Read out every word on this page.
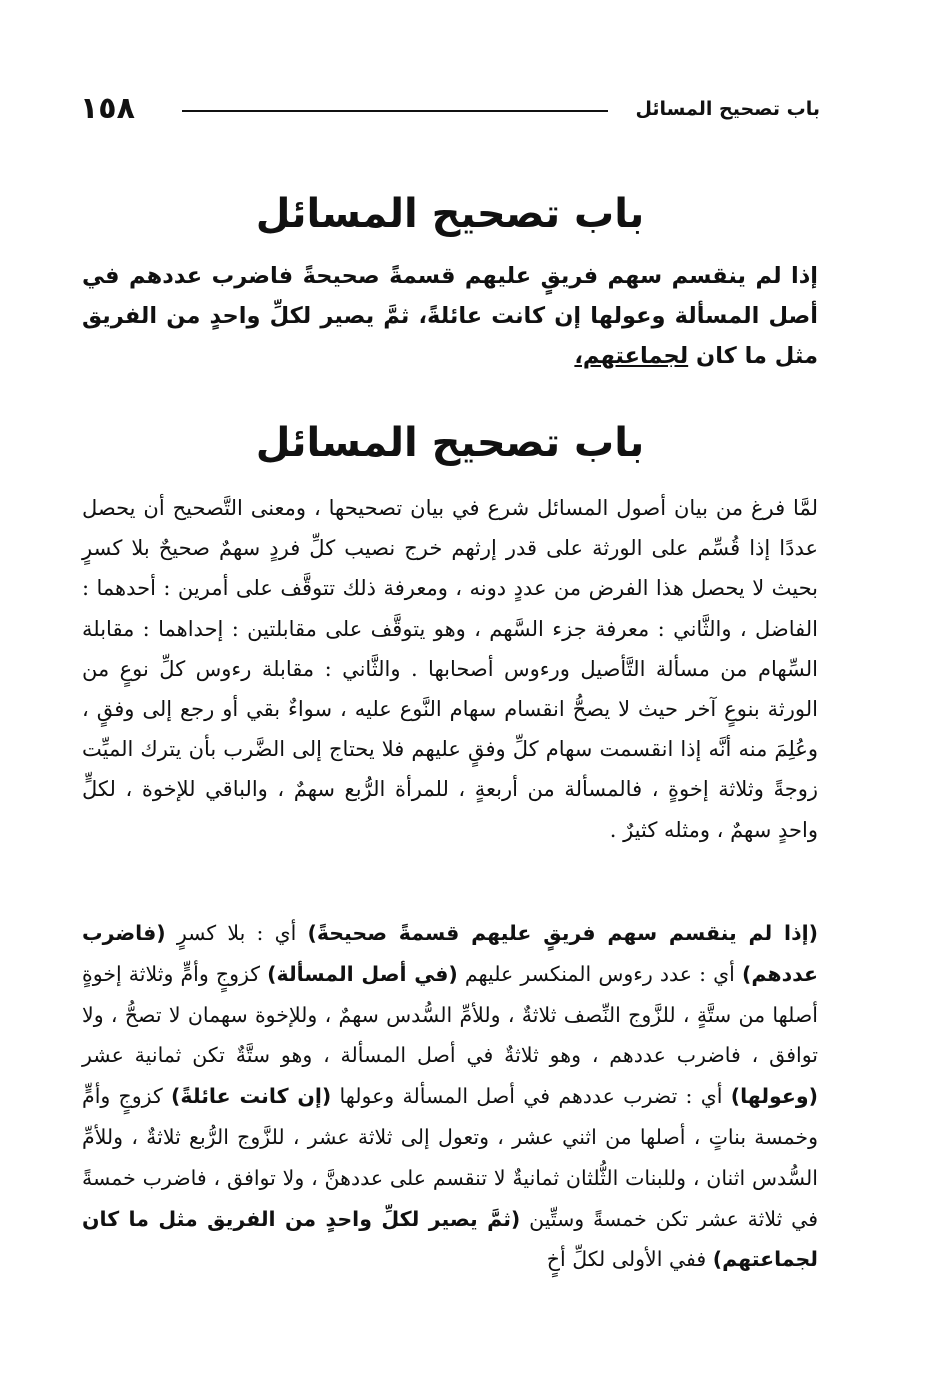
١٥٨	باب تصحيح المسائل
باب تصحيح المسائل
إذا لم ينقسم سهم فريقٍ عليهم قسمةً صحيحةً فاضرب عددهم في أصل المسألة وعولها إن كانت عائلةً، ثمَّ يصير لكلِّ واحدٍ من الفريق مثل ما كان لجماعتهم،
باب تصحيح المسائل

لمَّا فرغ من بيان أصول المسائل شرع في بيان تصحيحها ، ومعنى التَّصحيح أن يحصل عددًا إذا قُسِّم على الورثة على قدر إرثهم خرج نصيب كلِّ فردٍ سهمٌ صحيحٌ بلا كسرٍ بحيث لا يحصل هذا الفرض من عددٍ دونه ، ومعرفة ذلك تتوقَّف على أمرين : أحدهما : الفاضل ، والثَّاني : معرفة جزء السَّهم ، وهو يتوقَّف على مقابلتين : إحداهما : مقابلة السِّهام من مسألة التَّأصيل ورءوس أصحابها . والثَّاني : مقابلة رءوس كلِّ نوعٍ من الورثة بنوعٍ آخر حيث لا يصحُّ انقسام سهام النَّوع عليه ، سواءٌ بقي أو رجع إلى وفقٍ ، وعُلِمَ منه أنَّه إذا انقسمت سهام كلِّ وفقٍ عليهم فلا يحتاج إلى الضَّرب بأن يترك الميِّت زوجةً وثلاثة إخوةٍ ، فالمسألة من أربعةٍ ، للمرأة الرُّبع سهمٌ ، والباقي للإخوة ، لكلٍّ واحدٍ سهمٌ ، ومثله كثيرٌ .

(إذا لم ينقسم سهم فريقٍ عليهم قسمةً صحيحةً) أي : بلا كسرٍ (فاضرب عددهم) أي : عدد رءوس المنكسر عليهم (في أصل المسألة) كزوجٍ وأمٍّ وثلاثة إخوةٍ أصلها من ستَّةٍ ، للزَّوج النِّصف ثلاثةٌ ، وللأمِّ السُّدس سهمٌ ، وللإخوة سهمان لا تصحُّ ، ولا توافق ، فاضرب عددهم ، وهو ثلاثةٌ في أصل المسألة ، وهو ستَّةٌ تكن ثمانية عشر (وعولها) أي : تضرب عددهم في أصل المسألة وعولها (إن كانت عائلةً) كزوجٍ وأمٍّ وخمسة بناتٍ ، أصلها من اثني عشر ، وتعول إلى ثلاثة عشر ، للزَّوج الرُّبع ثلاثةٌ ، وللأمِّ السُّدس اثنان ، وللبنات الثُّلثان ثمانيةٌ لا تنقسم على عددهنَّ ، ولا توافق ، فاضرب خمسةً في ثلاثة عشر تكن خمسةً وستِّين (ثمَّ يصير لكلِّ واحدٍ من الفريق مثل ما كان لجماعتهم) ففي الأولى لكلِّ أخٍ
